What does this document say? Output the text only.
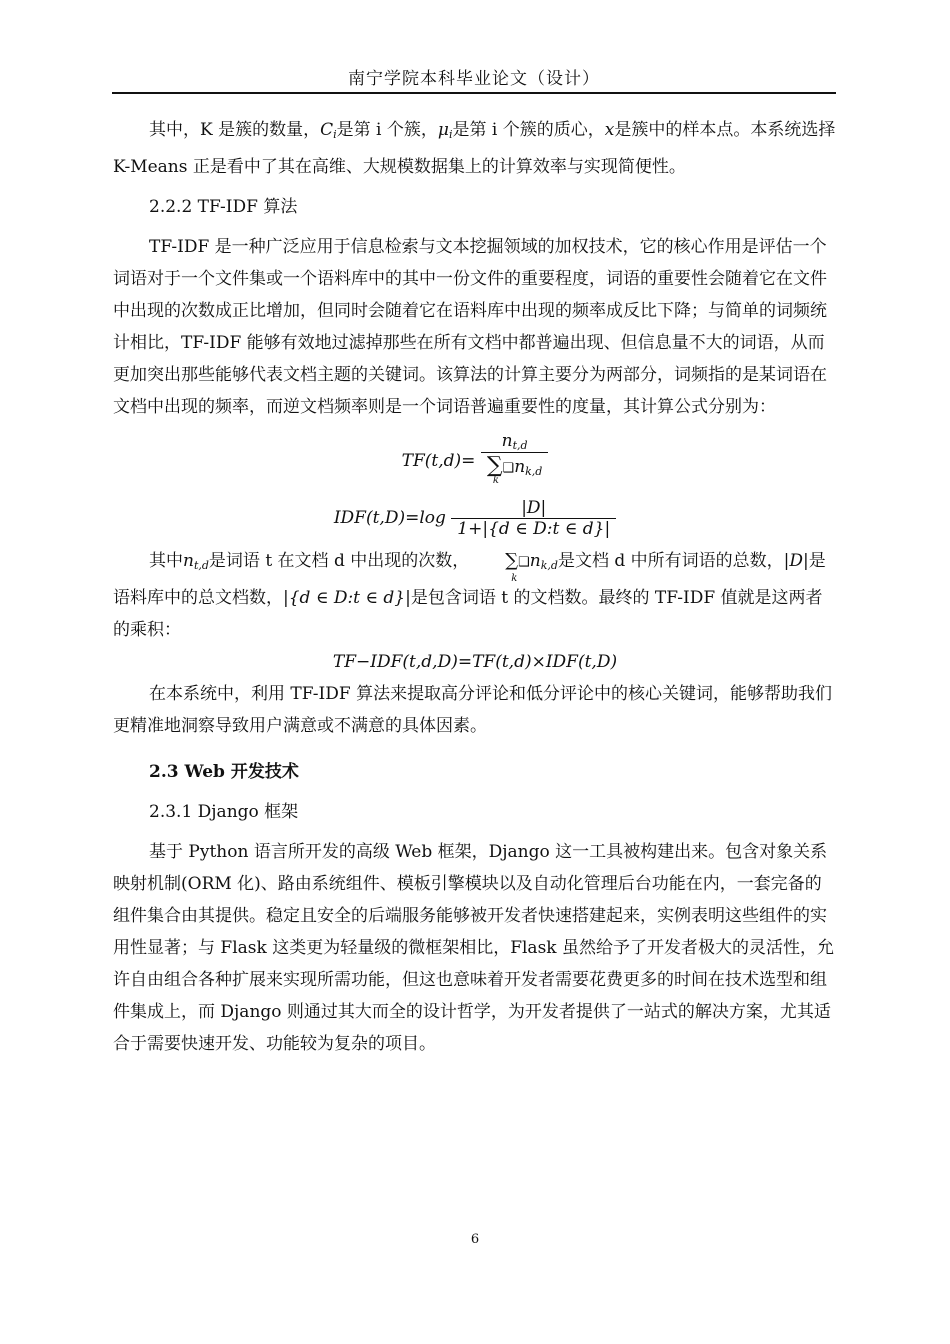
南宁学院本科毕业论文（设计）

其中，K 是簇的数量，$C_i$是第 i 个簇，$\mu_i$是第 i 个簇的质心，x是簇中的样本点。本系统选择 K-Means 正是看中了其在高维、大规模数据集上的计算效率与实现简便性。

2.2.2 TF-IDF 算法

TF-IDF 是一种广泛应用于信息检索与文本挖掘领域的加权技术，它的核心作用是评估一个词语对于一个文件集或一个语料库中的其中一份文件的重要程度，词语的重要性会随着它在文件中出现的次数成正比增加，但同时会随着它在语料库中出现的频率成反比下降；与简单的词频统计相比，TF-IDF 能够有效地过滤掉那些在所有文档中都普遍出现、但信息量不大的词语，从而更加突出那些能够代表文档主题的关键词。该算法的计算主要分为两部分，词频指的是某词语在文档中出现的频率，而逆文档频率则是一个词语普遍重要性的度量，其计算公式分别为：

$TF(t,d)= n_{t,d}$
∑
k
$❑n_{k,d}$
$IDF(t,D)=\log \frac{|D|}{1+|\{d \in D:t \in d\}|}$

其中$n_{t,d}$是词语 t 在文档 d 中出现的次数， ∑
k
$❑n_{k,d}$是文档 d 中所有词语的总数，|D|是语料库中的总文档数，|{d ∈ D:t ∈ d}|是包含词语 t 的文档数。最终的 TF-IDF 值就是这两者的乘积：

TF−IDF(t,d,D)=TF(t,d)×IDF(t,D)

在本系统中，利用 TF-IDF 算法来提取高分评论和低分评论中的核心关键词，能够帮助我们更精准地洞察导致用户满意或不满意的具体因素。

2.3 Web 开发技术
2.3.1 Django 框架

基于 Python 语言所开发的高级 Web 框架，Django 这一工具被构建出来。包含对象关系映射机制(ORM 化)、路由系统组件、模板引擎模块以及自动化管理后台功能在内，一套完备的组件集合由其提供。稳定且安全的后端服务能够被开发者快速搭建起来，实例表明这些组件的实用性显著；与 Flask 这类更为轻量级的微框架相比，Flask 虽然给予了开发者极大的灵活性，允许自由组合各种扩展来实现所需功能，但这也意味着开发者需要花费更多的时间在技术选型和组件集成上，而 Django 则通过其大而全的设计哲学，为开发者提供了一站式的解决方案，尤其适合于需要快速开发、功能较为复杂的项目。

6
